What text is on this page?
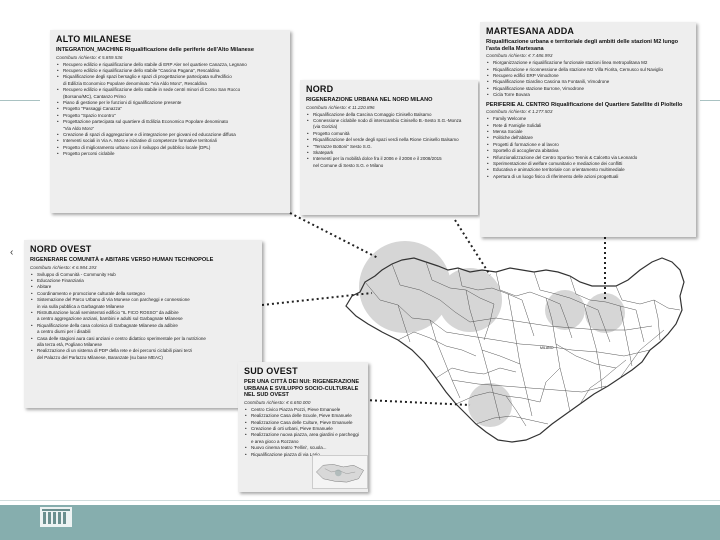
MILANO
‹
ALTO MILANESE
INTEGRATION_MACHINE Riqualificazione delle periferie dell'Alto Milanese
Contributo richiesto: € 5.859.536
• Recupero edilizio e riqualificazione dello stabile di ERP Aler nel quartiere Canazza, Legnano
• Recupero edilizio e riqualificazione dello stabile "Cascina Pagana", Rescaldina
• Riqualificazione degli spazi bersaglio e spazi di progettazione partecipata sull'edificio
di Edilizia Economico Popolare denominato "Via Aldo Moro", Rescaldina
• Recupero edilizio e riqualificazione dello stabile in sede centri minori di Corso San Rocco
(Borsano/MC), Cantanzo Primo
• Piano di gestione per le funzioni di rigualificazione presente
• Progetto "Passaggi Canazza"
• Progetto "Spazio Incontro"
• Progettazione partecipata sul quartiere di Edilizia Economico Popolare denominato
"Via Aldo Moro"
• Creazione di spazi di aggregazione e di integrazione per giovani ed educazione diffusa
• Interventi sociali in Via A. Moro e iniziative di competenze formative territoriali
• Progetto di miglioramento urbano con il sviluppo del pubblico locale (DPL)
• Progetto percorsi ciclabile
NORD
RIGENERAZIONE URBANA NEL NORD MILANO
Contributo richiesto: € 11.220.896
• Riqualificazione della Cascina Comaggio Cinisello Balsamo
• Connessione ciclabile nodo di interscambio Cinisello B.-Sesto S.G.-Monza
(via Gorizia)
• Progetto comunità
• Riqualificazione del verde degli spazi verdi nella Rione Cinisello Balsamo
• "Terrazze Bottoni" Sesto S.G.
• Skatepark
• Interventi per la mobilità dolce fra il 2006 e il 2008 e il 2008/2015
nel Comune di Sesto S.G. e Milano
MARTESANA ADDA
Riqualificazione urbana e territoriale degli ambiti delle stazioni M2 lungo l'asta della Martesana
Contributo richiesto: € 7.486.993
• Riorganizzazione e riqualificazione funzionale stazioni linea metropolitana M2
• Riqualificazione e riconnessione della stazione M2 Villa Fiorita, Cernusco sul Naviglio
• Recupero edifici ERP Vimodrone
• Riqualificazione Giardino Cascina Ira Fontanili, Vimodrone
• Riqualificazione stazione Burrone, Vimodrone
• Cicla Torre Bovara
PERIFERIE AL CENTRO Riqualificazione del Quartiere Satellite di Pioltello
Contributo richiesto: € 1.277.503
• Family Welcome
• Rete di Famiglie Solidali
• Mensa Sociale
• Politiche dell'abitare
• Progetti di formazione e al lavoro
• Sportello di accoglienza abitativa
• Rifunzionalizzazione del Centro Sportivo Tennis & Calcetto via Leonardo
• Sperimentazione di welfare comunitario e mediazione dei conflitti
• Educativa e animazione territoriale con orientamento multimediale
• Apertura di un luogo fisico di riferimento delle azioni progettuali
NORD OVEST
RIGENERARE COMUNITÀ e ABITARE VERSO HUMAN TECHNOPOLE
Contributo richiesto: € 6.984.193
• Sviluppo di Comunità - Community Hub
• Educazione Finanziaria
• Abitare
• Coordinamento e promozione culturale della sostegno
• Sistemazione del Parco Urbano di Via Monese con parcheggi e connessione
in via sulla pubblica a Garbagnate Milanese
• Ristrutturazione locali seminterrati edificio "IL FICO ROSSO" da adibire
a centro aggregazione anziani, bambini e adulti sul Garbagnate Milanese
• Riqualificazione della casa colonica di Garbagnate Milanese da adibire
a centro diurni per i disabili
• Casa delle stagioni aura casi anziani e centro didattico sperimentale per la nutrizione
alla terza età, Pogliano Milanese
• Realizzazione di un sistema di PDP della rete e dei percorsi ciclabili piani terzi
del Palazzo del Parlazzo Milanese, Baranzate (su base MEAC)
SUD OVEST
PER UNA CITTÀ DEI NUI: RIGENERAZIONE URBANA E SVILUPPO SOCIO-CULTURALE NEL SUD OVEST
Contributo richiesto: € 6.650.000
• Centro Civico Piazza Pozzi, Pieve Emanuele
• Realizzazione Casa delle Scuole, Pieve Emanuele
• Realizzazione Casa delle Culture, Pieve Emanuele
• Creazione di orti urbani, Pieve Emanuele
• Realizzazione nuova piazza, area giardini e parcheggi
e area gioco a Rozzano
• Nuovo cinema teatro 'Fellini', scuola...
• Riqualificazione piazza di via Lario...
